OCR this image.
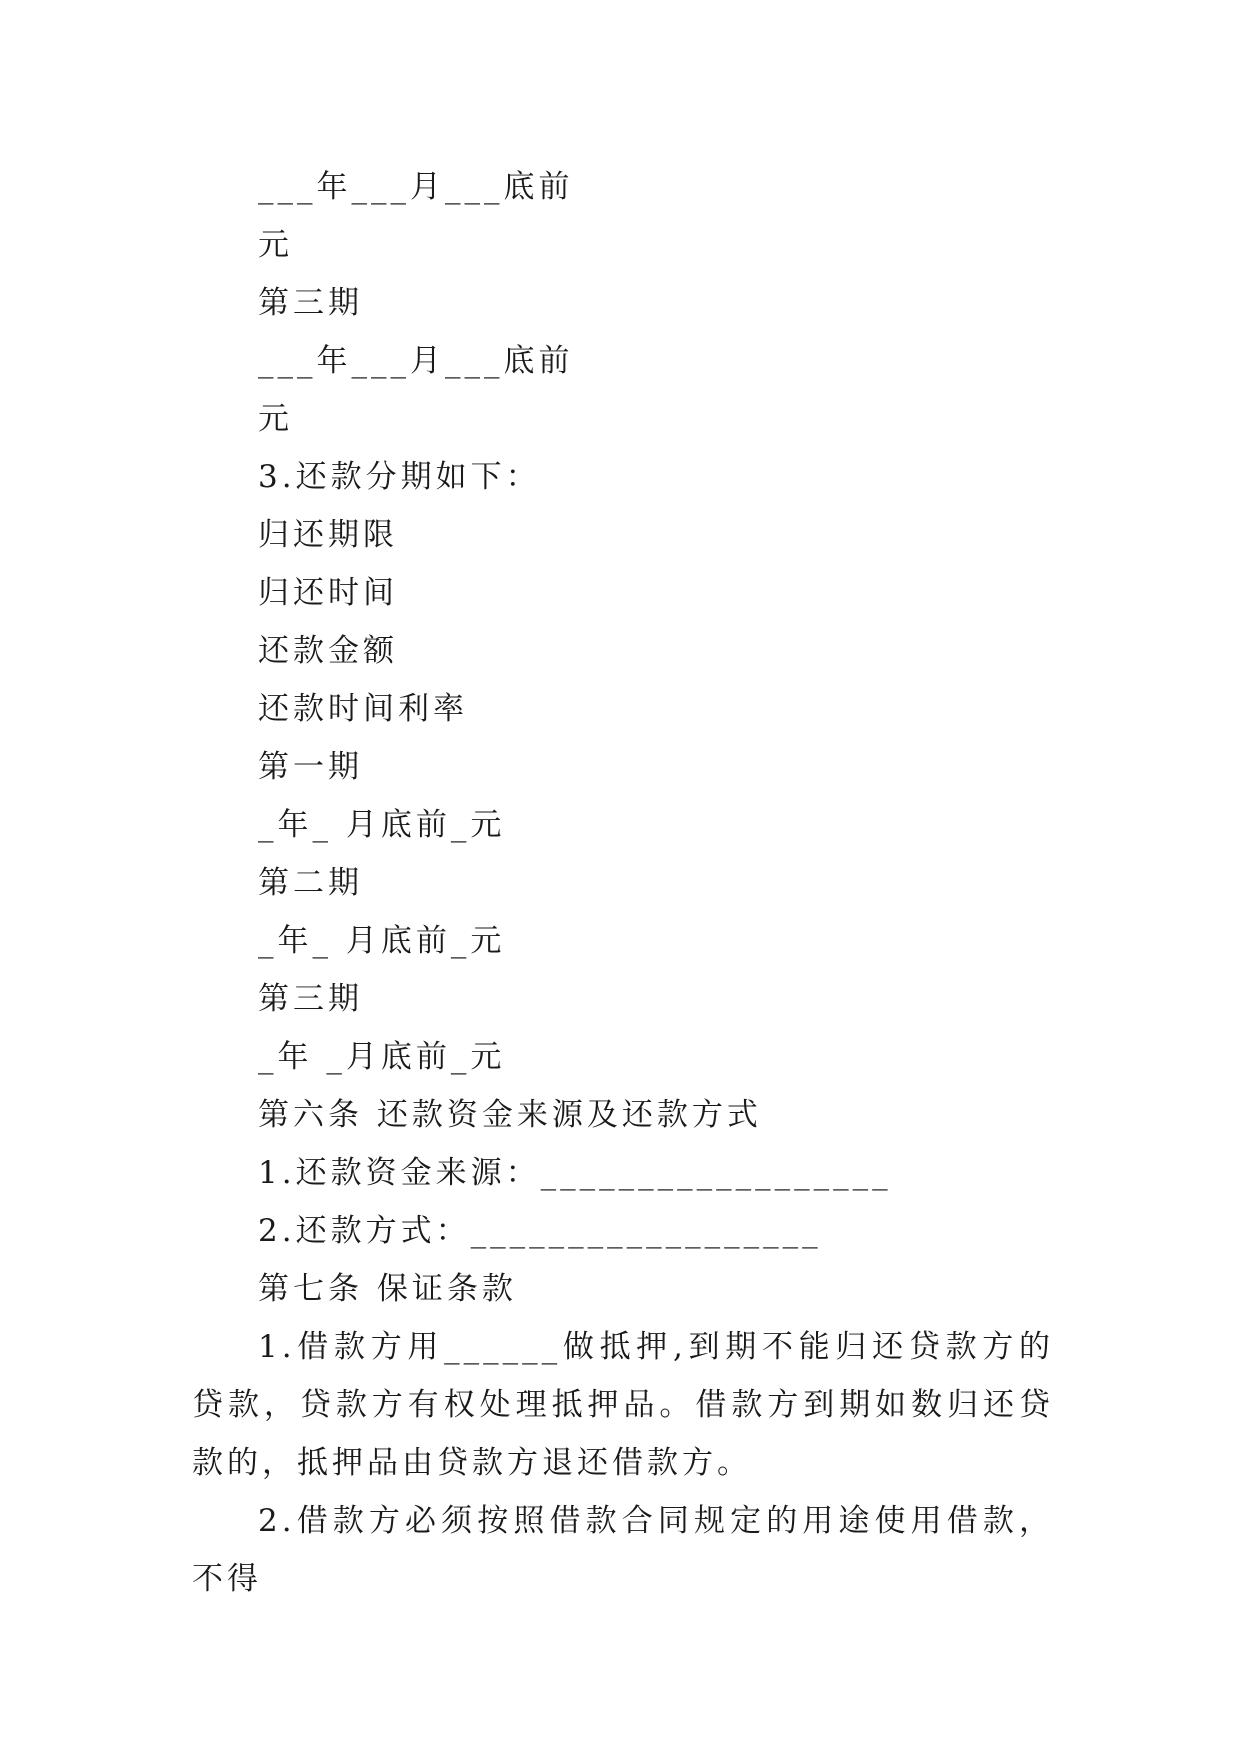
___年___月___底前
元
第三期
___年___月___底前
元
3.还款分期如下：
归还期限
归还时间
还款金额
还款时间利率
第一期
_年_ 月底前_元
第二期
_年_ 月底前_元
第三期
_年 _月底前_元
第六条 还款资金来源及还款方式
1.还款资金来源：__________________
2.还款方式：__________________
第七条 保证条款
1.借款方用______做抵押,到期不能归还贷款方的贷款，贷款方有权处理抵押品。借款方到期如数归还贷款的，抵押品由贷款方退还借款方。
2.借款方必须按照借款合同规定的用途使用借款，不得
